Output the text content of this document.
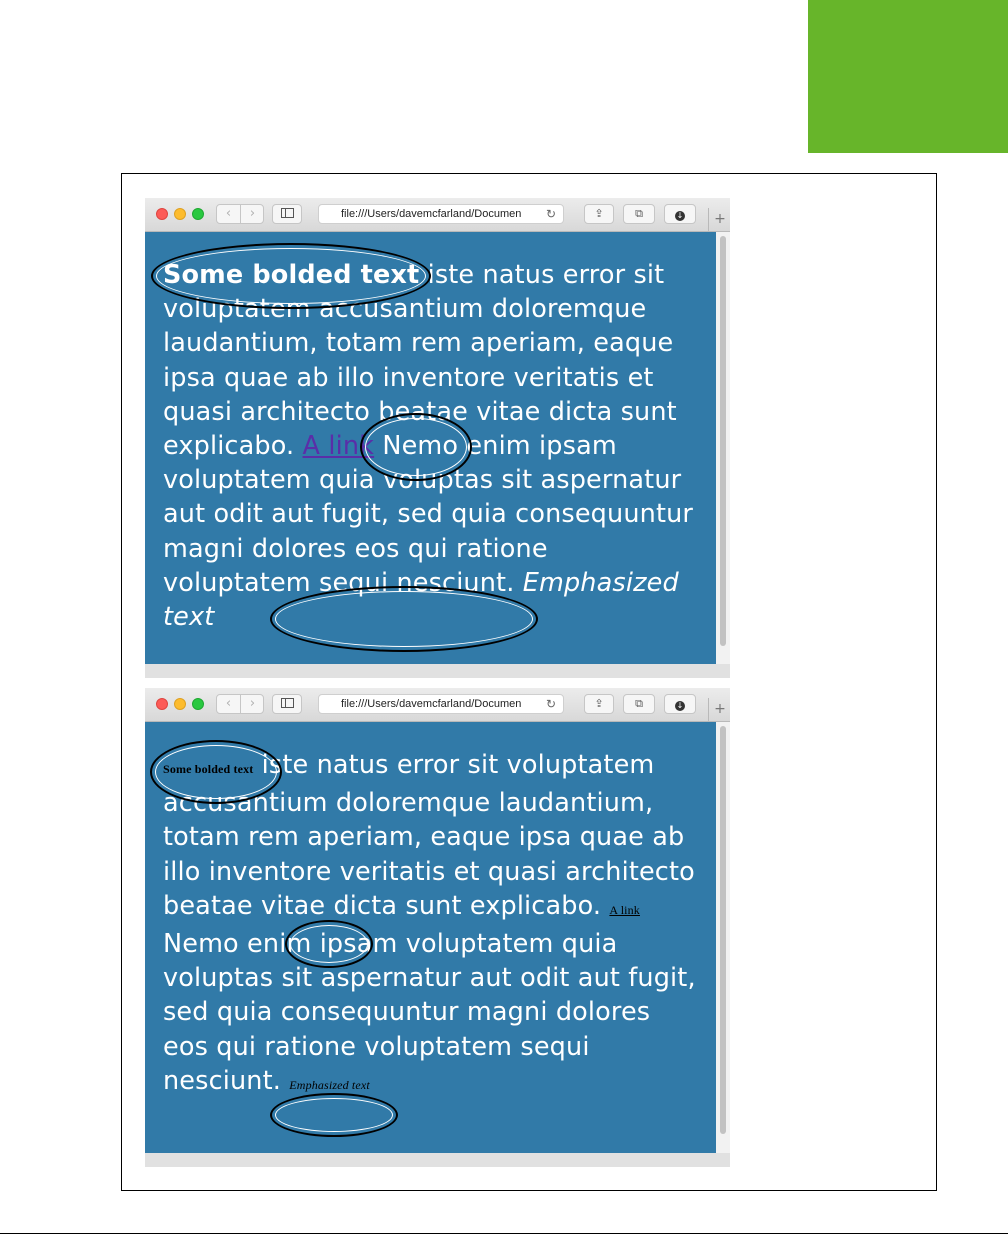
‹	›	file:///Users/davemcfarland/Documen ↻	⇪	⧉	↓	+

Some bolded text iste natus error sit voluptatem accusantium doloremque laudantium, totam rem aperiam, eaque ipsa quae ab illo inventore veritatis et quasi architecto beatae vitae dicta sunt explicabo. A link Nemo enim ipsam voluptatem quia voluptas sit aspernatur aut odit aut fugit, sed quia consequuntur magni dolores eos qui ratione voluptatem sequi nesciunt. Emphasized text

‹	›	file:///Users/davemcfarland/Documen ↻	⇪	⧉	↓	+

Some bolded text iste natus error sit voluptatem accusantium doloremque laudantium, totam rem aperiam, eaque ipsa quae ab illo inventore veritatis et quasi architecto beatae vitae dicta sunt explicabo. A link Nemo enim ipsam voluptatem quia voluptas sit aspernatur aut odit aut fugit, sed quia consequuntur magni dolores eos qui ratione voluptatem sequi nesciunt. Emphasized text
